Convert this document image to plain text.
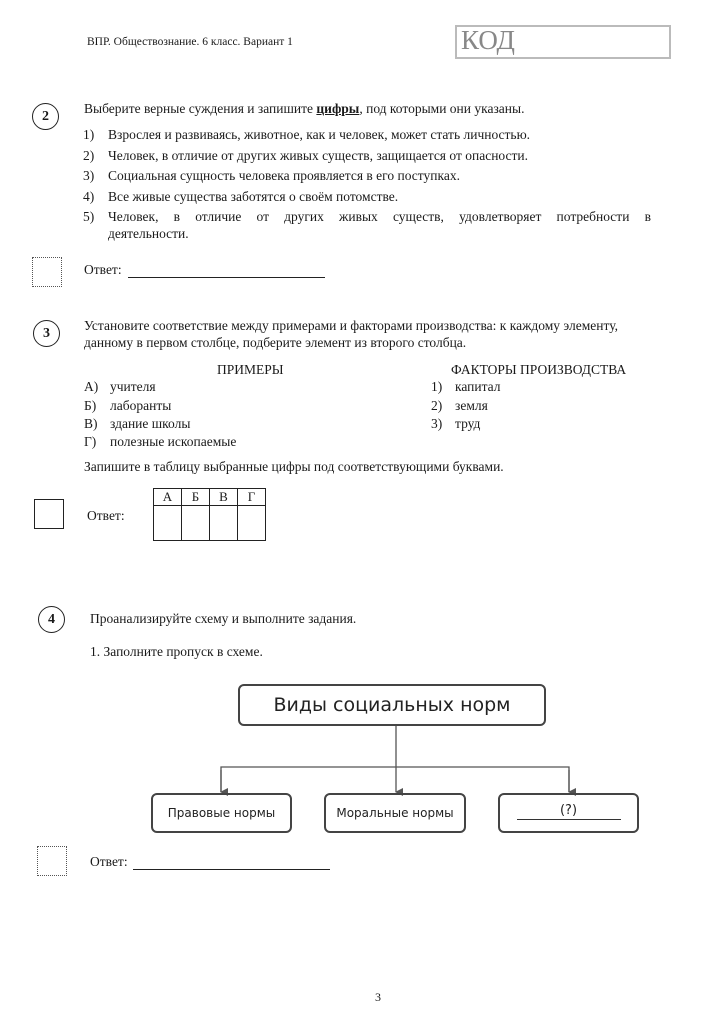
ВПР. Обществознание. 6 класс. Вариант 1	КОД
2	Выберите верные суждения и запишите цифры, под которыми они указаны.
1) Взрослея и развиваясь, животное, как и человек, может стать личностью.
2) Человек, в отличие от других живых существ, защищается от опасности.
3) Социальная сущность человека проявляется в его поступках.
4) Все живые существа заботятся о своём потомстве.
5) Человек, в отличие от других живых существ, удовлетворяет потребности в
деятельности.
Ответ:
3	Установите соответствие между примерами и факторами производства: к каждому элементу,
данному в первом столбце, подберите элемент из второго столбца.
ПРИМЕРЫ	ФАКТОРЫ ПРОИЗВОДСТВА
А) учителя
Б) лаборанты
В) здание школы
Г) полезные ископаемые
1) капитал
2) земля
3) труд
Запишите в таблицу выбранные цифры под соответствующими буквами.
Ответ:
А	Б	В	Г

4	Проанализируйте схему и выполните задания.
1. Заполните пропуск в схеме.
Виды социальных норм
Правовые нормы	Моральные нормы	(?)
Ответ:
3
